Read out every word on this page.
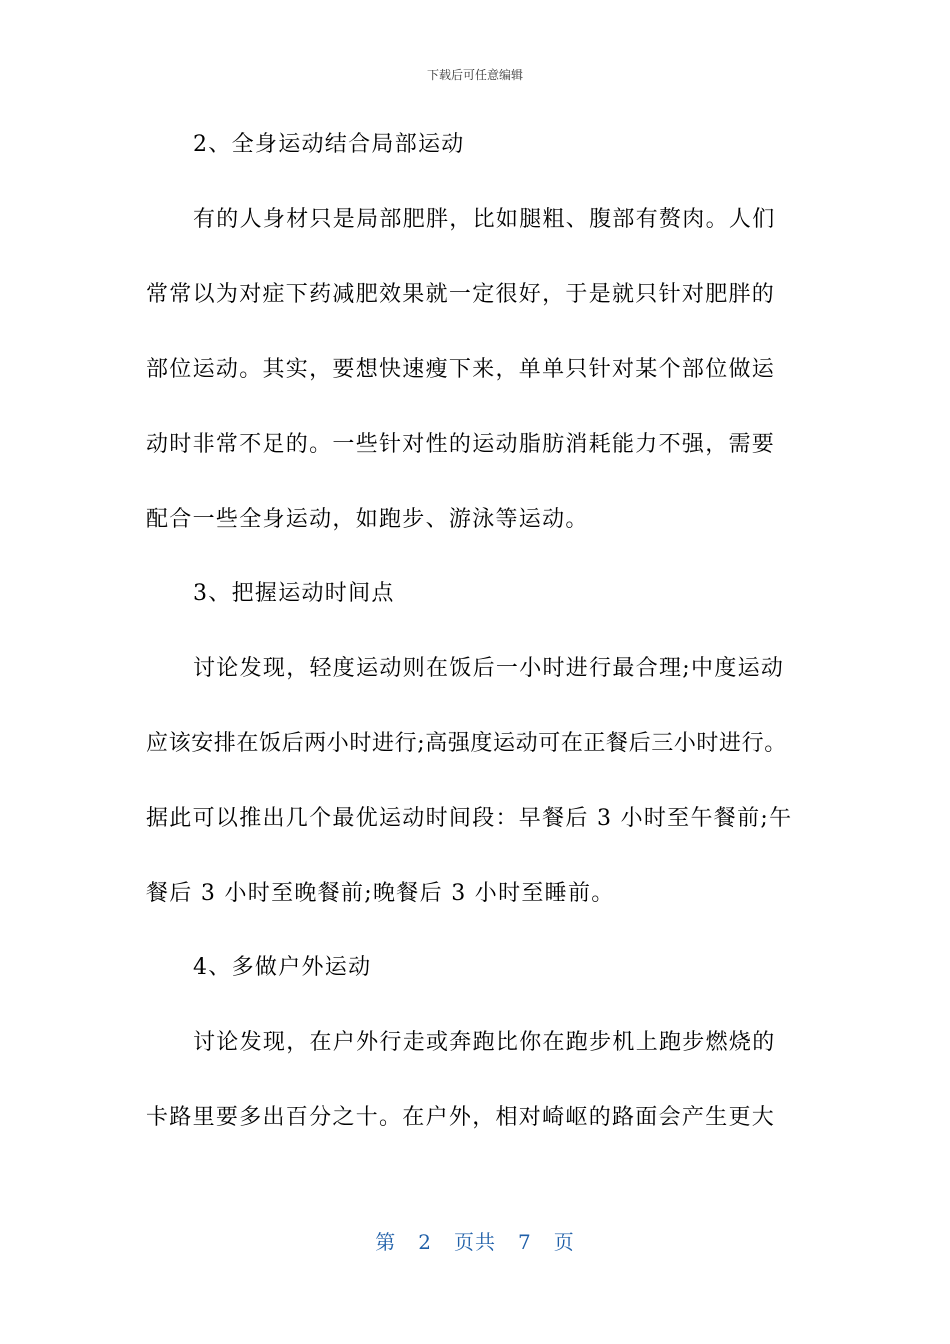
下载后可任意编辑
2、全身运动结合局部运动
有的人身材只是局部肥胖，比如腿粗、腹部有赘肉。人们
常常以为对症下药减肥效果就一定很好，于是就只针对肥胖的
部位运动。其实，要想快速瘦下来，单单只针对某个部位做运
动时非常不足的。一些针对性的运动脂肪消耗能力不强，需要
配合一些全身运动，如跑步、游泳等运动。
3、把握运动时间点
讨论发现，轻度运动则在饭后一小时进行最合理;中度运动
应该安排在饭后两小时进行;高强度运动可在正餐后三小时进行。
据此可以推出几个最优运动时间段：早餐后 3 小时至午餐前;午
餐后 3 小时至晚餐前;晚餐后 3 小时至睡前。
4、多做户外运动
讨论发现，在户外行走或奔跑比你在跑步机上跑步燃烧的
卡路里要多出百分之十。在户外，相对崎岖的路面会产生更大
第 2 页共 7 页
